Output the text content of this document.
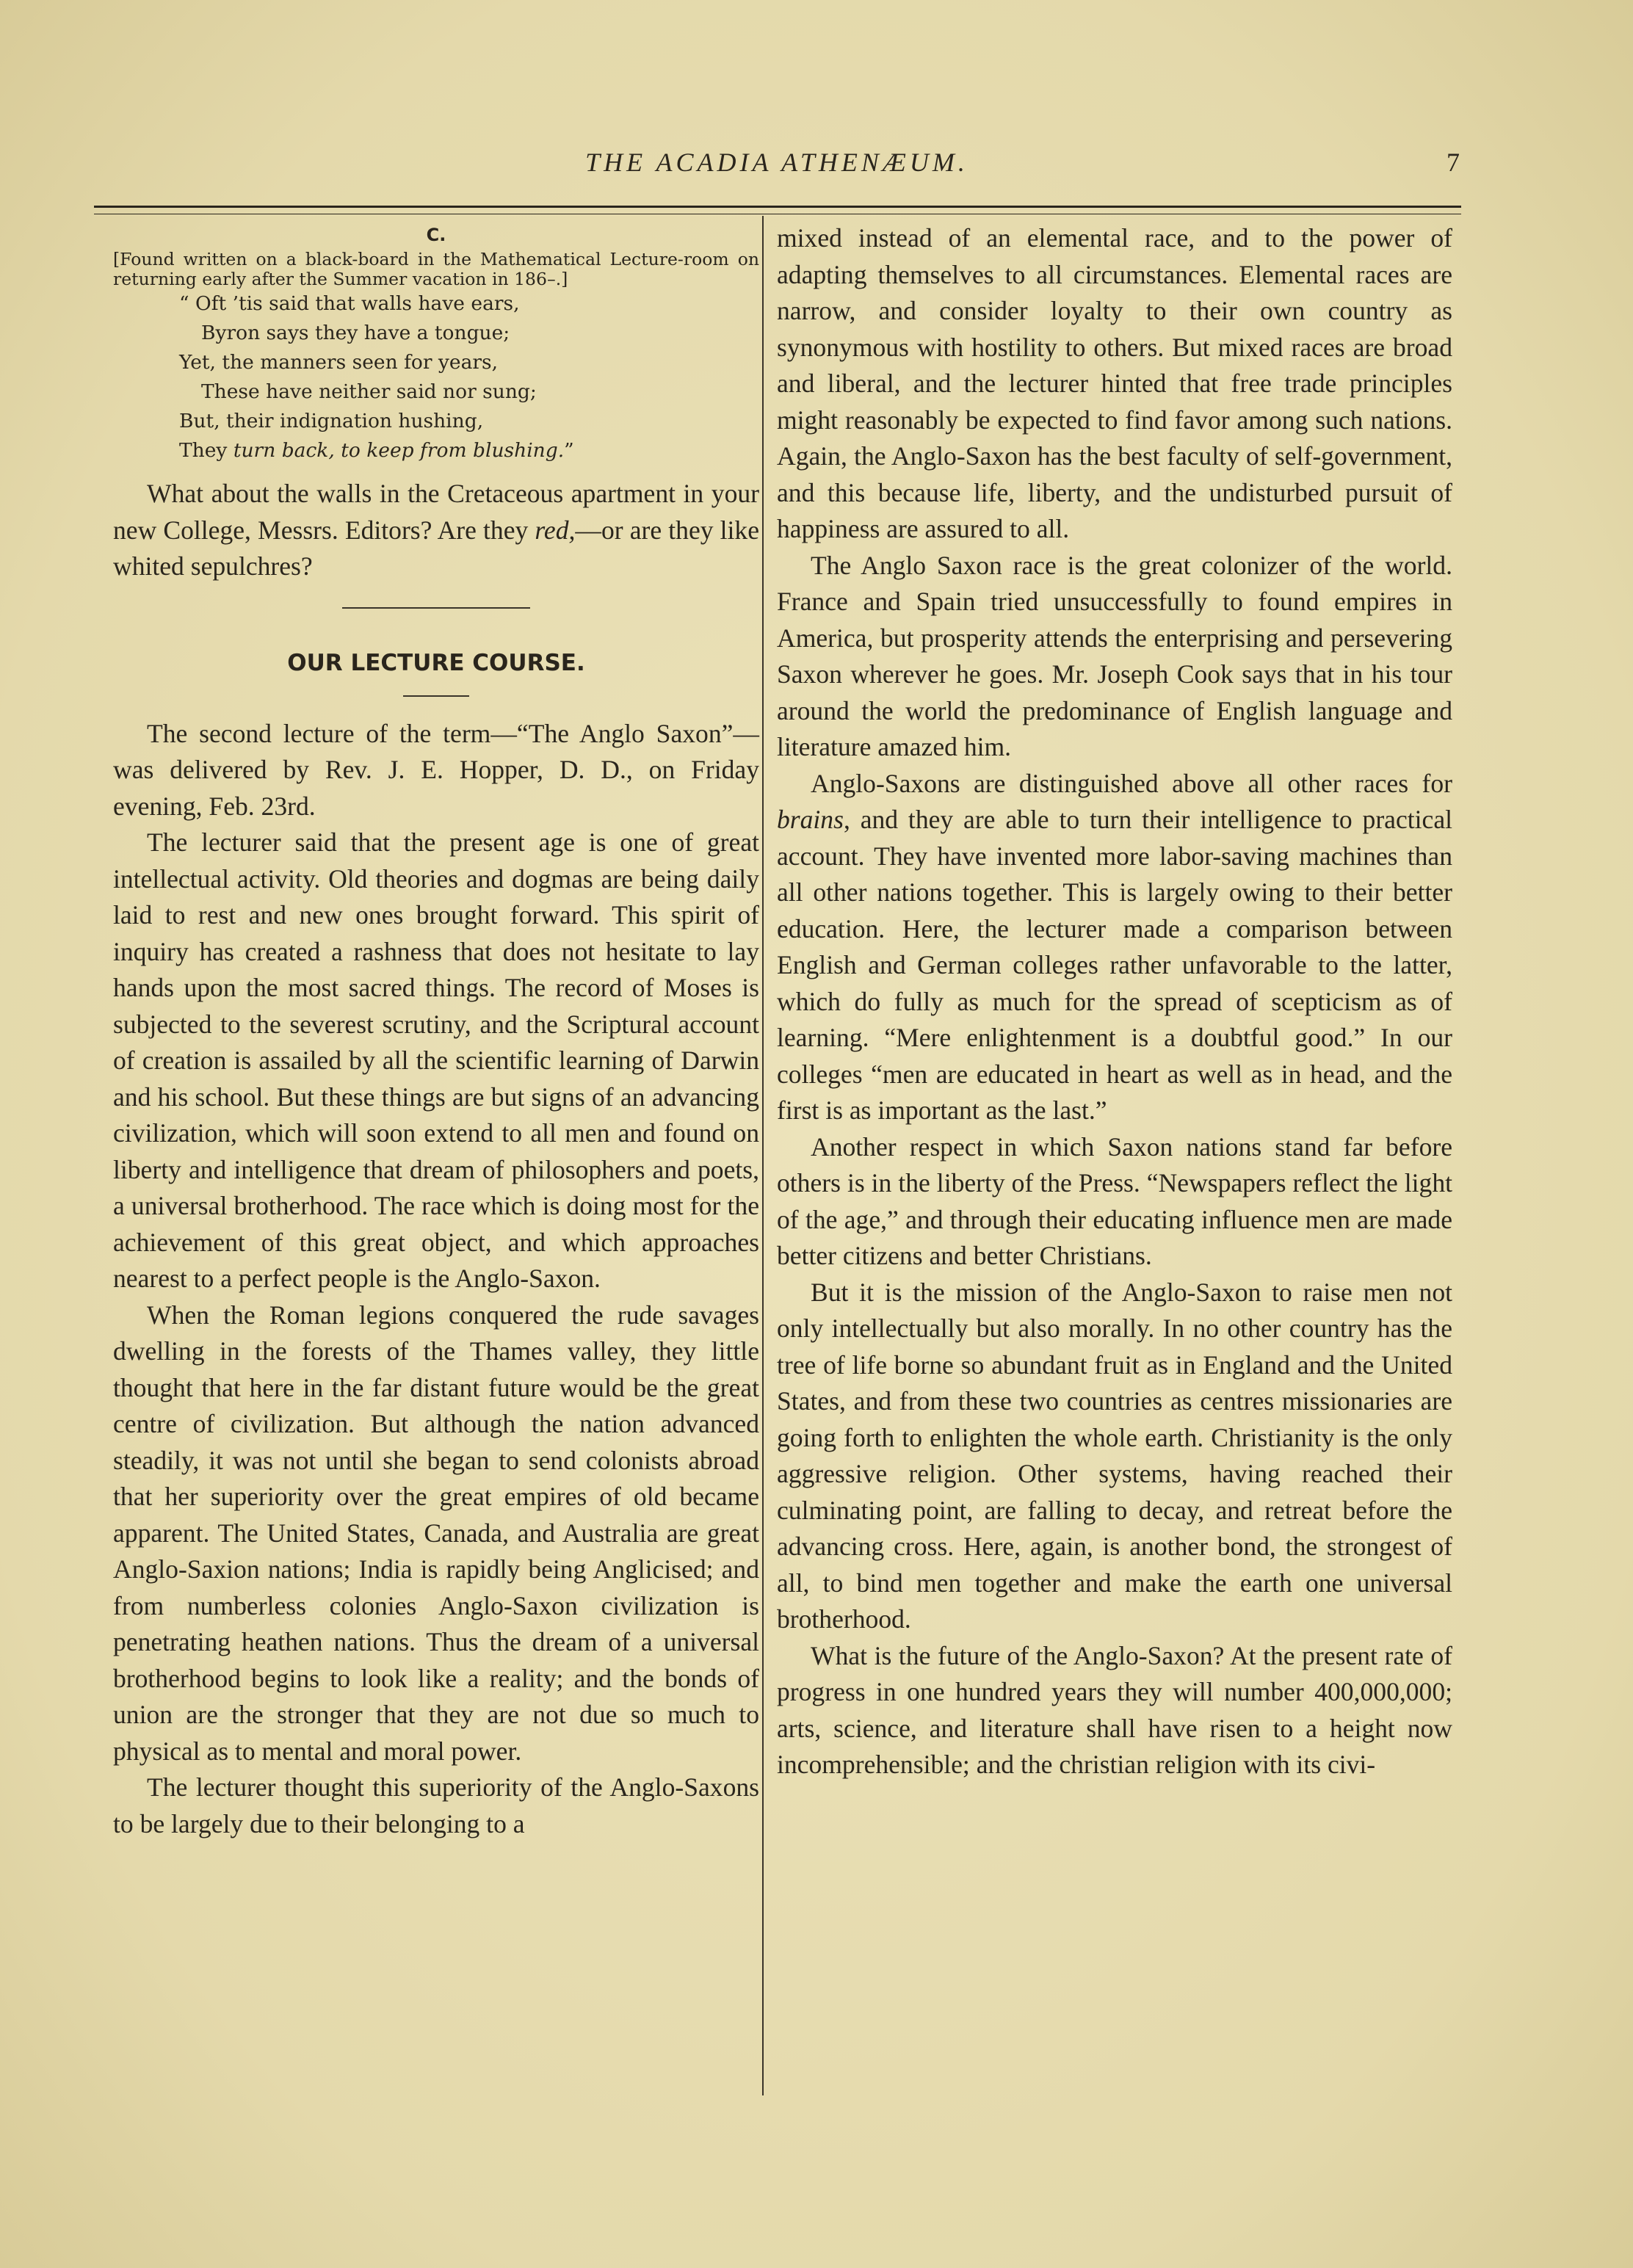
THE ACADIA ATHENÆUM.	7

C.

[Found written on a black-board in the Mathematical Lecture-room on returning early after the Summer vacation in 186–.]

“ Oft ’tis said that walls have ears,
Byron says they have a tongue;
Yet, the manners seen for years,
These have neither said nor sung;
But, their indignation hushing,
They turn back, to keep from blushing.”

What about the walls in the Cretaceous apartment in your new College, Messrs. Editors? Are they red,—or are they like whited sepulchres?

OUR LECTURE COURSE.

The second lecture of the term—“The Anglo Saxon”—was delivered by Rev. J. E. Hopper, D. D., on Friday evening, Feb. 23rd.

The lecturer said that the present age is one of great intellectual activity. Old theories and dogmas are being daily laid to rest and new ones brought forward. This spirit of inquiry has created a rashness that does not hesitate to lay hands upon the most sacred things. The record of Moses is subjected to the severest scrutiny, and the Scriptural account of creation is assailed by all the scientific learning of Darwin and his school. But these things are but signs of an advancing civilization, which will soon extend to all men and found on liberty and intelligence that dream of philosophers and poets, a universal brotherhood. The race which is doing most for the achievement of this great object, and which approaches nearest to a perfect people is the Anglo-Saxon.

When the Roman legions conquered the rude savages dwelling in the forests of the Thames valley, they little thought that here in the far distant future would be the great centre of civilization. But although the nation advanced steadily, it was not until she began to send colonists abroad that her superiority over the great empires of old became apparent. The United States, Canada, and Australia are great Anglo-Saxion nations; India is rapidly being Anglicised; and from numberless colonies Anglo-Saxon civilization is penetrating heathen nations. Thus the dream of a universal brotherhood begins to look like a reality; and the bonds of union are the stronger that they are not due so much to physical as to mental and moral power.

The lecturer thought this superiority of the Anglo-Saxons to be largely due to their belonging to a

mixed instead of an elemental race, and to the power of adapting themselves to all circumstances. Elemental races are narrow, and consider loyalty to their own country as synonymous with hostility to others. But mixed races are broad and liberal, and the lecturer hinted that free trade principles might reasonably be expected to find favor among such nations. Again, the Anglo-Saxon has the best faculty of self-government, and this because life, liberty, and the undisturbed pursuit of happiness are assured to all.

The Anglo Saxon race is the great colonizer of the world. France and Spain tried unsuccessfully to found empires in America, but prosperity attends the enterprising and persevering Saxon wherever he goes. Mr. Joseph Cook says that in his tour around the world the predominance of English language and literature amazed him.

Anglo-Saxons are distinguished above all other races for brains, and they are able to turn their intelligence to practical account. They have invented more labor-saving machines than all other nations together. This is largely owing to their better education. Here, the lecturer made a comparison between English and German colleges rather unfavorable to the latter, which do fully as much for the spread of scepticism as of learning. “Mere enlightenment is a doubtful good.” In our colleges “men are educated in heart as well as in head, and the first is as important as the last.”

Another respect in which Saxon nations stand far before others is in the liberty of the Press. “Newspapers reflect the light of the age,” and through their educating influence men are made better citizens and better Christians.

But it is the mission of the Anglo-Saxon to raise men not only intellectually but also morally. In no other country has the tree of life borne so abundant fruit as in England and the United States, and from these two countries as centres missionaries are going forth to enlighten the whole earth. Christianity is the only aggressive religion. Other systems, having reached their culminating point, are falling to decay, and retreat before the advancing cross. Here, again, is another bond, the strongest of all, to bind men together and make the earth one universal brotherhood.

What is the future of the Anglo-Saxon? At the present rate of progress in one hundred years they will number 400,000,000; arts, science, and literature shall have risen to a height now incomprehensible; and the christian religion with its civi-
